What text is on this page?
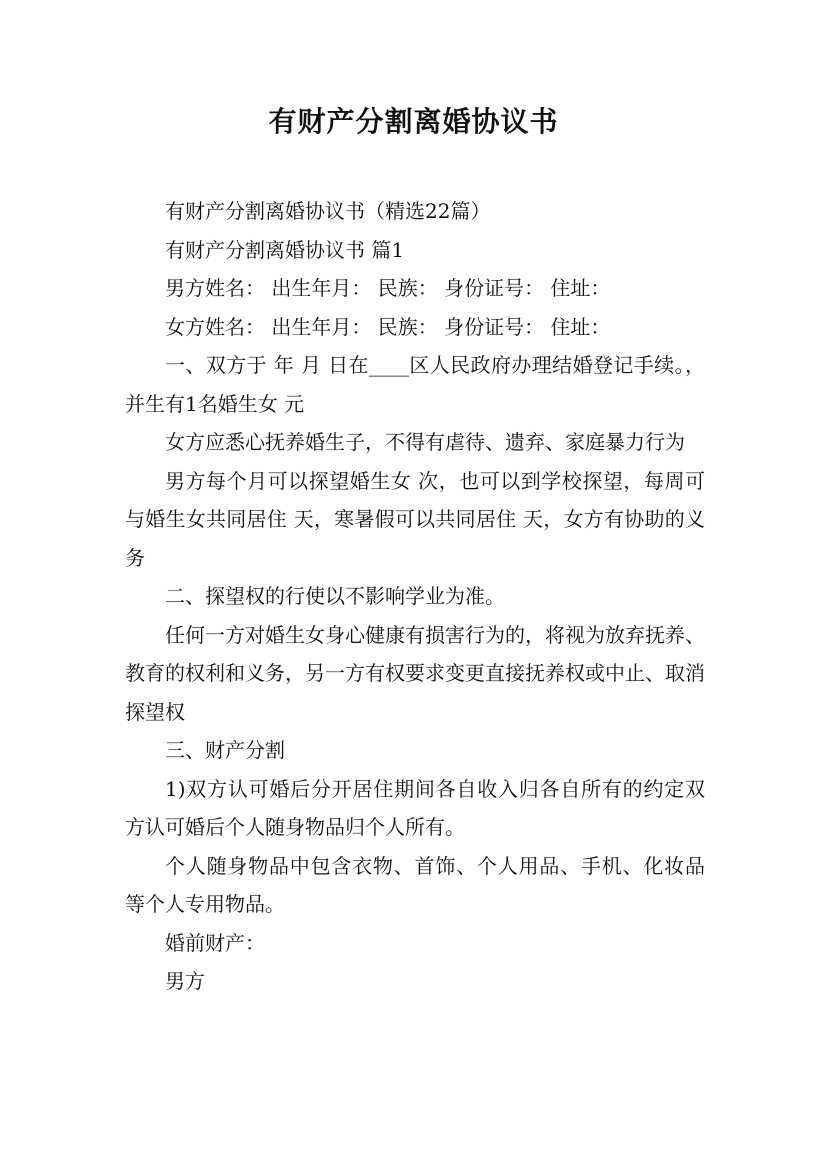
有财产分割离婚协议书

有财产分割离婚协议书（精选22篇）

有财产分割离婚协议书 篇1

男方姓名： 出生年月： 民族： 身份证号： 住址：

女方姓名： 出生年月： 民族： 身份证号： 住址：

一、双方于 年 月 日在____区人民政府办理结婚登记手续。，并生有1名婚生女 元

女方应悉心抚养婚生子，不得有虐待、遗弃、家庭暴力行为

男方每个月可以探望婚生女 次，也可以到学校探望，每周可与婚生女共同居住 天，寒暑假可以共同居住 天，女方有协助的义务

二、探望权的行使以不影响学业为准。

任何一方对婚生女身心健康有损害行为的，将视为放弃抚养、教育的权利和义务，另一方有权要求变更直接抚养权或中止、取消探望权

三、财产分割

1)双方认可婚后分开居住期间各自收入归各自所有的约定双方认可婚后个人随身物品归个人所有。

个人随身物品中包含衣物、首饰、个人用品、手机、化妆品 等个人专用物品。

婚前财产：

男方
